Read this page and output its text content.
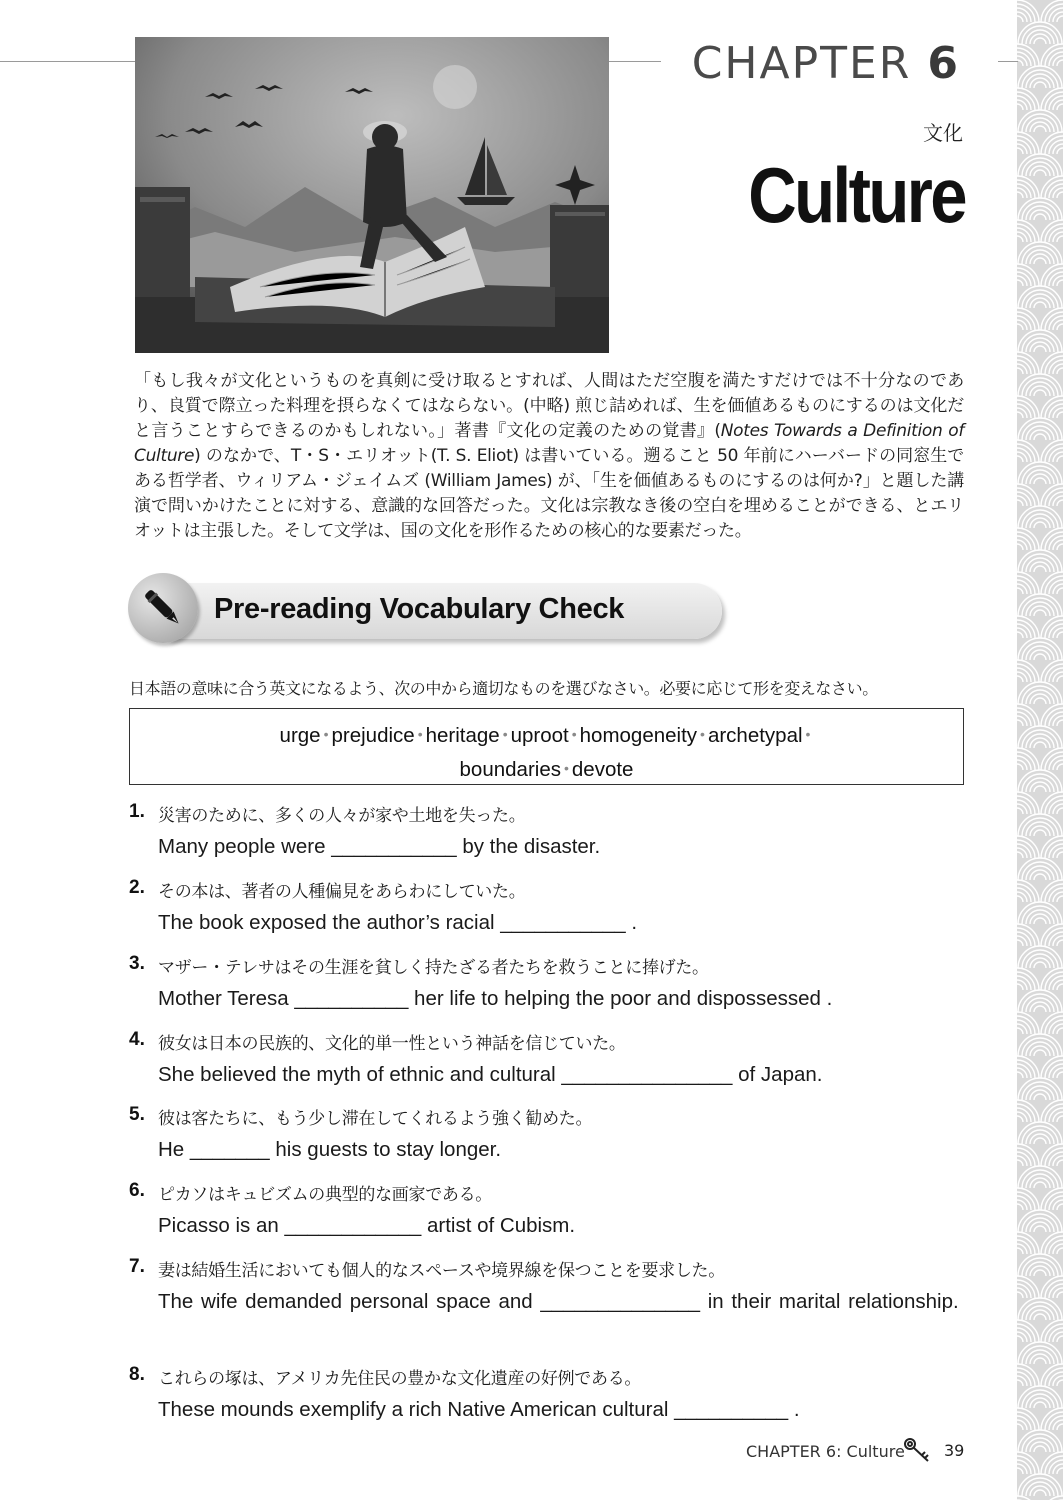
CHAPTER 6
文化
Culture
「もし我々が文化というものを真剣に受け取るとすれば、人間はただ空腹を満たすだけでは不十分なのであり、良質で際立った料理を摂らなくてはならない。(中略) 煎じ詰めれば、生を価値あるものにするのは文化だと言うことすらできるのかもしれない。」著書『文化の定義のための覚書』(Notes Towards a Definition of Culture) のなかで、T・S・エリオット(T. S. Eliot) は書いている。遡ること 50 年前にハーバードの同窓生である哲学者、ウィリアム・ジェイムズ (William James) が、「生を価値あるものにするのは何か?」と題した講演で問いかけたことに対する、意識的な回答だった。文化は宗教なき後の空白を埋めることができる、とエリオットは主張した。そして文学は、国の文化を形作るための核心的な要素だった。
Pre-reading Vocabulary Check
日本語の意味に合う英文になるよう、次の中から適切なものを選びなさい。必要に応じて形を変えなさい。
urge • prejudice • heritage • uproot • homogeneity • archetypal •
boundaries • devote
1. 災害のために、多くの人々が家や土地を失った。
Many people were ___________ by the disaster.
2. その本は、著者の人種偏見をあらわにしていた。
The book exposed the author’s racial ___________ .
3. マザー・テレサはその生涯を貧しく持たざる者たちを救うことに捧げた。
Mother Teresa __________ her life to helping the poor and dispossessed .
4. 彼女は日本の民族的、文化的単一性という神話を信じていた。
She believed the myth of ethnic and cultural _______________ of Japan.
5. 彼は客たちに、もう少し滞在してくれるよう強く勧めた。
He _______ his guests to stay longer.
6. ピカソはキュビズムの典型的な画家である。
Picasso is an ____________ artist of Cubism.
7. 妻は結婚生活においても個人的なスペースや境界線を保つことを要求した。
The wife demanded personal space and ______________ in their marital relationship.
8. これらの塚は、アメリカ先住民の豊かな文化遺産の好例である。
These mounds exemplify a rich Native American cultural __________ .
CHAPTER 6: Culture 39
